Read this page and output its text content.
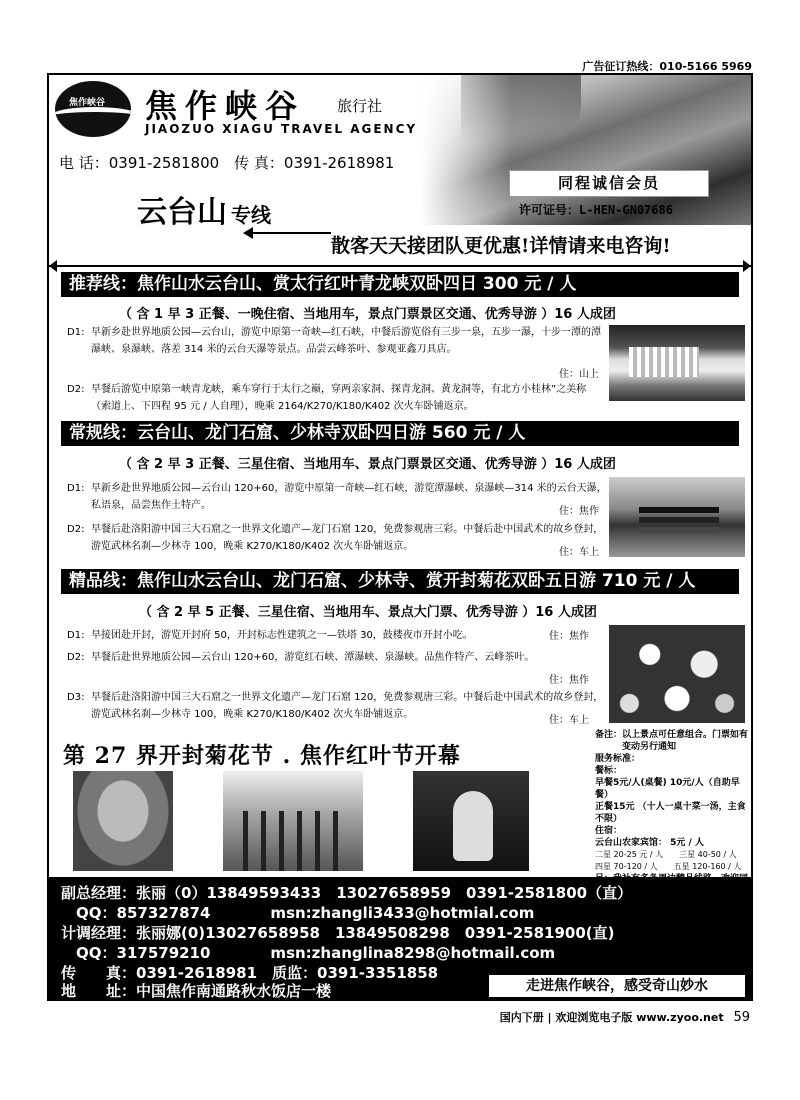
广告征订热线：010-5166 5969
焦作峡谷 焦作峡谷 旅行社
JIAOZUO XIAGU TRAVEL AGENCY
电 话：0391-2581800　传 真：0391-2618981
云台山 专线
同程诚信会员
许可证号：L-HEN-GN07686
散客天天接团队更优惠!详情请来电咨询!
推荐线：焦作山水云台山、赏太行红叶青龙峡双卧四日 300 元 / 人
（ 含 1 早 3 正餐、一晚住宿、当地用车，景点门票景区交通、优秀导游 ）16 人成团
D1: 早新乡赴世界地质公园—云台山，游览中原第一奇峡—红石峡，中餐后游览俗有三步一泉，五步一瀑，十步一潭的潭瀑峡、泉瀑峡、落差 314 米的云台天瀑等景点。品尝云峰茶叶、参观亚鑫刀具店。
住：山上
D2: 早餐后游览中原第一峡青龙峡，乘车穿行于太行之巅，穿两亲家洞、探青龙洞、黄龙洞等，有北方小桂林”之美称 （索道上、下四程 95 元 / 人自理），晚乘 2164/K270/K180/K402 次火车卧铺返京。
常规线：云台山、龙门石窟、少林寺双卧四日游 560 元 / 人
（ 含 2 早 3 正餐、三星住宿、当地用车、景点门票景区交通、优秀导游 ）16 人成团
D1: 早新乡赴世界地质公园—云台山 120+60，游览中原第一奇峡—红石峡，游览潭瀑峡、泉瀑峡—314 米的云台天瀑，私语泉，品尝焦作土特产。
住：焦作
D2: 早餐后赴洛阳游中国三大石窟之一世界文化遗产—龙门石窟 120，免费参观唐三彩。中餐后赴中国武术的故乡登封，游览武林名刹—少林寺 100，晚乘 K270/K180/K402 次火车卧铺返京。
住：车上
精品线：焦作山水云台山、龙门石窟、少林寺、赏开封菊花双卧五日游 710 元 / 人
（ 含 2 早 5 正餐、三星住宿、当地用车、景点大门票、优秀导游 ）16 人成团
D1: 早接团赴开封，游览开封府 50，开封标志性建筑之一—铁塔 30，鼓楼夜市开封小吃。	住：焦作
D2: 早餐后赴世界地质公园—云台山 120+60，游览红石峡、潭瀑峡、泉瀑峡。品焦作特产、云峰茶叶。
住：焦作
D3: 早餐后赴洛阳游中国三大石窟之一世界文化遗产—龙门石窟 120，免费参观唐三彩。中餐后赴中国武术的故乡登封，游览武林名刹—少林寺 100，晚乘 K270/K180/K402 次火车卧铺返京。
住：车上
第 27 界开封菊花节 . 焦作红叶节开幕
备注：以上景点可任意组合。门票如有
　　　变动另行通知
服务标准：
餐标：
早餐5元/人(桌餐) 10元/人（自助早餐）
正餐15元 （十人一桌十菜一汤，主食不限）
住宿：
云台山农家宾馆： 5元 / 人
二星 20-25 元 / 人　　三星 40-50 / 人
四星 70-120 / 人　　五星 120-160 / 人
副总经理：张丽（0）13849593433　13027658959　0391-2581800（直）
　QQ：857327874　　　　msn:zhangli3433@hotmial.com
计调经理：张丽娜(0)13027658958　13849508298　0391-2581900(直)
　QQ：317579210　　　　msn:zhanglina8298@hotmail.com
传　　真：0391-2618981　质监：0391-3351858
地　　址：中国焦作南通路秋水饭店一楼	走进焦作峡谷，感受奇山妙水
国内下册 | 欢迎浏览电子版 www.zyoo.net 59
